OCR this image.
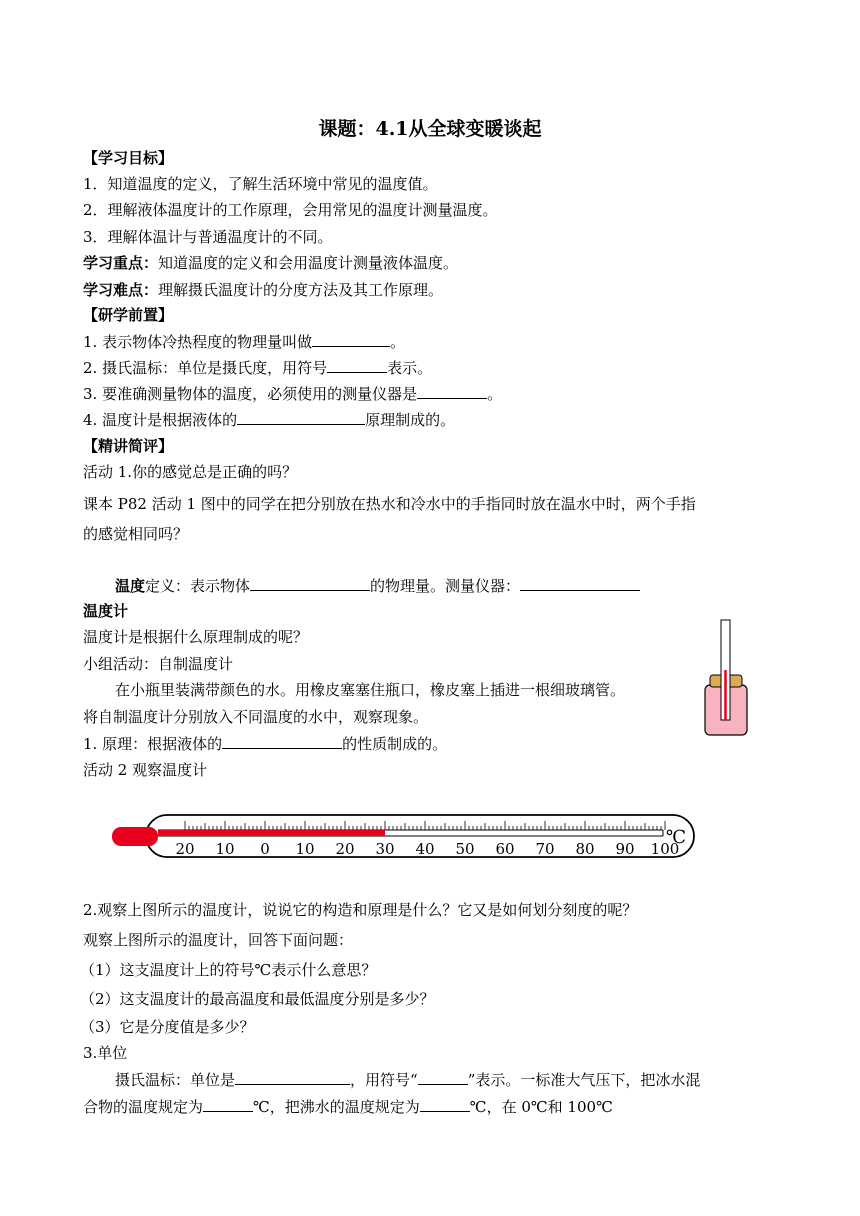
课题：4.1从全球变暖谈起
【学习目标】
1．知道温度的定义，了解生活环境中常见的温度值。
2．理解液体温度计的工作原理，会用常见的温度计测量温度。
3．理解体温计与普通温度计的不同。
学习重点：知道温度的定义和会用温度计测量液体温度。
学习难点：理解摄氏温度计的分度方法及其工作原理。
【研学前置】
1. 表示物体冷热程度的物理量叫做	。
2. 摄氏温标：单位是摄氏度，用符号	表示。
3. 要准确测量物体的温度，必须使用的测量仪器是	。
4. 温度计是根据液体的	原理制成的。
【精讲简评】
活动 1.你的感觉总是正确的吗？
课本 P82 活动 1 图中的同学在把分别放在热水和冷水中的手指同时放在温水中时，两个手指
的感觉相同吗？
温度定义：表示物体	的物理量。测量仪器：
温度计
温度计是根据什么原理制成的呢？
小组活动：自制温度计
在小瓶里装满带颜色的水。用橡皮塞塞住瓶口，橡皮塞上插进一根细玻璃管。
将自制温度计分别放入不同温度的水中，观察现象。
1. 原理：根据液体的	的性质制成的。
活动 2 观察温度计
20 10 0 10 20 30 40 50 60 70 80 90 100
℃
2.观察上图所示的温度计，说说它的构造和原理是什么？它又是如何划分刻度的呢？
观察上图所示的温度计，回答下面问题：
（1）这支温度计上的符号℃表示什么意思？
（2）这支温度计的最高温度和最低温度分别是多少？
（3）它是分度值是多少？
3.单位
摄氏温标：单位是	，用符号“	”表示。一标准大气压下，把冰水混
合物的温度规定为	℃，把沸水的温度规定为	℃，在 0℃和 100℃
